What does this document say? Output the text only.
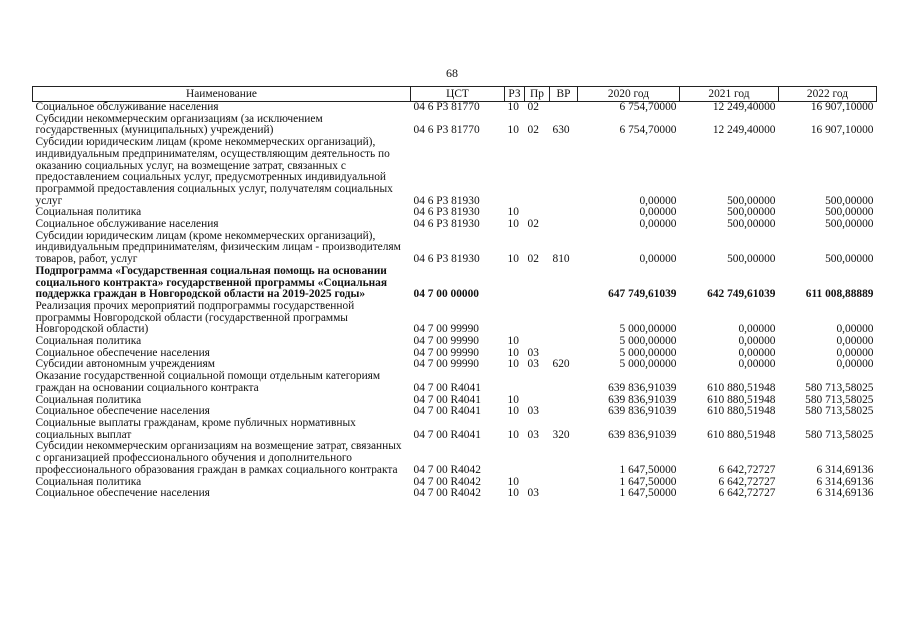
68
Наименование	ЦСТ	РЗ	Пр	ВР	2020 год	2021 год	2022 год
Социальное обслуживание населения	04 6 P3 81770	10	02		6 754,70000	12 249,40000	16 907,10000
Субсидии некоммерческим организациям (за исключением государственных (муниципальных) учреждений)	04 6 P3 81770	10	02	630	6 754,70000	12 249,40000	16 907,10000
Субсидии юридическим лицам (кроме некоммерческих организаций), индивидуальным предпринимателям, осуществляющим деятельность по оказанию социальных услуг, на возмещение затрат, связанных с предоставлением социальных услуг, предусмотренных индивидуальной программой предоставления социальных услуг, получателям социальных услуг	04 6 P3 81930				0,00000	500,00000	500,00000
Социальная политика	04 6 P3 81930	10			0,00000	500,00000	500,00000
Социальное обслуживание населения	04 6 P3 81930	10	02		0,00000	500,00000	500,00000
Субсидии юридическим лицам (кроме некоммерческих организаций), индивидуальным предпринимателям, физическим лицам - производителям товаров, работ, услуг	04 6 P3 81930	10	02	810	0,00000	500,00000	500,00000
Подпрограмма «Государственная социальная помощь на основании социального контракта» государственной программы «Социальная поддержка граждан в Новгородской области на 2019-2025 годы»	04 7 00 00000				647 749,61039	642 749,61039	611 008,88889
Реализация прочих мероприятий подпрограммы государственной программы Новгородской области (государственной программы Новгородской области)	04 7 00 99990				5 000,00000	0,00000	0,00000
Социальная политика	04 7 00 99990	10			5 000,00000	0,00000	0,00000
Социальное обеспечение населения	04 7 00 99990	10	03		5 000,00000	0,00000	0,00000
Субсидии автономным учреждениям	04 7 00 99990	10	03	620	5 000,00000	0,00000	0,00000
Оказание государственной социальной помощи отдельным категориям граждан на основании социального контракта	04 7 00 R4041				639 836,91039	610 880,51948	580 713,58025
Социальная политика	04 7 00 R4041	10			639 836,91039	610 880,51948	580 713,58025
Социальное обеспечение населения	04 7 00 R4041	10	03		639 836,91039	610 880,51948	580 713,58025
Социальные выплаты гражданам, кроме публичных нормативных социальных выплат	04 7 00 R4041	10	03	320	639 836,91039	610 880,51948	580 713,58025
Субсидии некоммерческим организациям на возмещение затрат, связанных с организацией профессионального обучения и дополнительного профессионального образования граждан в рамках социального контракта	04 7 00 R4042				1 647,50000	6 642,72727	6 314,69136
Социальная политика	04 7 00 R4042	10			1 647,50000	6 642,72727	6 314,69136
Социальное обеспечение населения	04 7 00 R4042	10	03		1 647,50000	6 642,72727	6 314,69136
